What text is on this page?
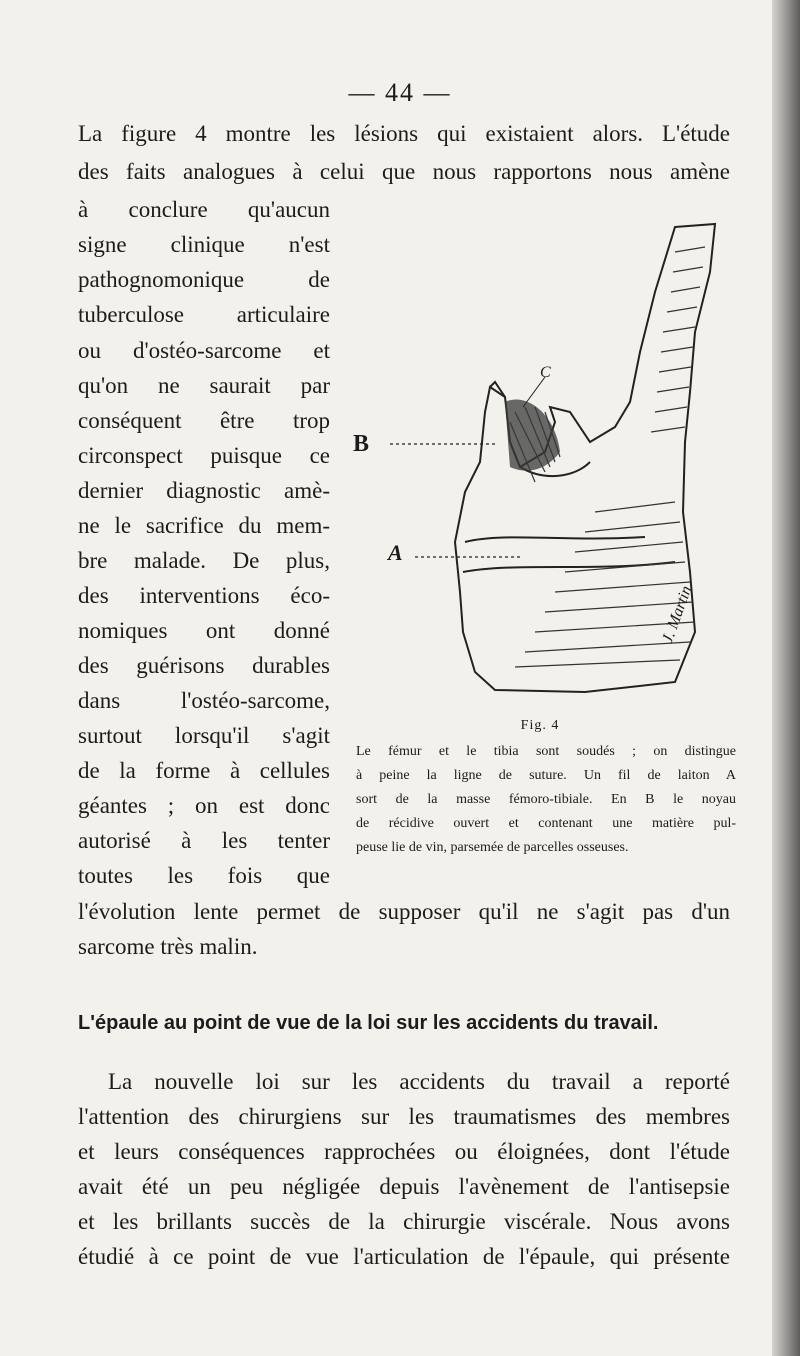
— 44 —
La figure 4 montre les lésions qui existaient alors. L'étude
des faits analogues à celui que nous rapportons nous amène
à conclure qu'aucun
signe clinique n'est
pathognomonique de
tuberculose articulaire
ou d'ostéo-sarcome et
qu'on ne saurait par
conséquent être trop
circonspect puisque ce
dernier diagnostic amè-
ne le sacrifice du mem-
bre malade. De plus,
des interventions éco-
nomiques ont donné
des guérisons durables
dans l'ostéo-sarcome,
surtout lorsqu'il s'agit
de la forme à cellules
géantes ; on est donc
autorisé à les tenter
toutes les fois que
B
A
C
J. Martin
Fig. 4
Le fémur et le tibia sont soudés ; on distingue
à peine la ligne de suture. Un fil de laiton A
sort de la masse fémoro-tibiale. En B le noyau
de récidive ouvert et contenant une matière pul-
peuse lie de vin, parsemée de parcelles osseuses.
l'évolution lente permet de supposer qu'il ne s'agit pas d'un
sarcome très malin.
L'épaule au point de vue de la loi sur les accidents du travail.
La nouvelle loi sur les accidents du travail a reporté
l'attention des chirurgiens sur les traumatismes des membres
et leurs conséquences rapprochées ou éloignées, dont l'étude
avait été un peu négligée depuis l'avènement de l'antisepsie
et les brillants succès de la chirurgie viscérale. Nous avons
étudié à ce point de vue l'articulation de l'épaule, qui présente
